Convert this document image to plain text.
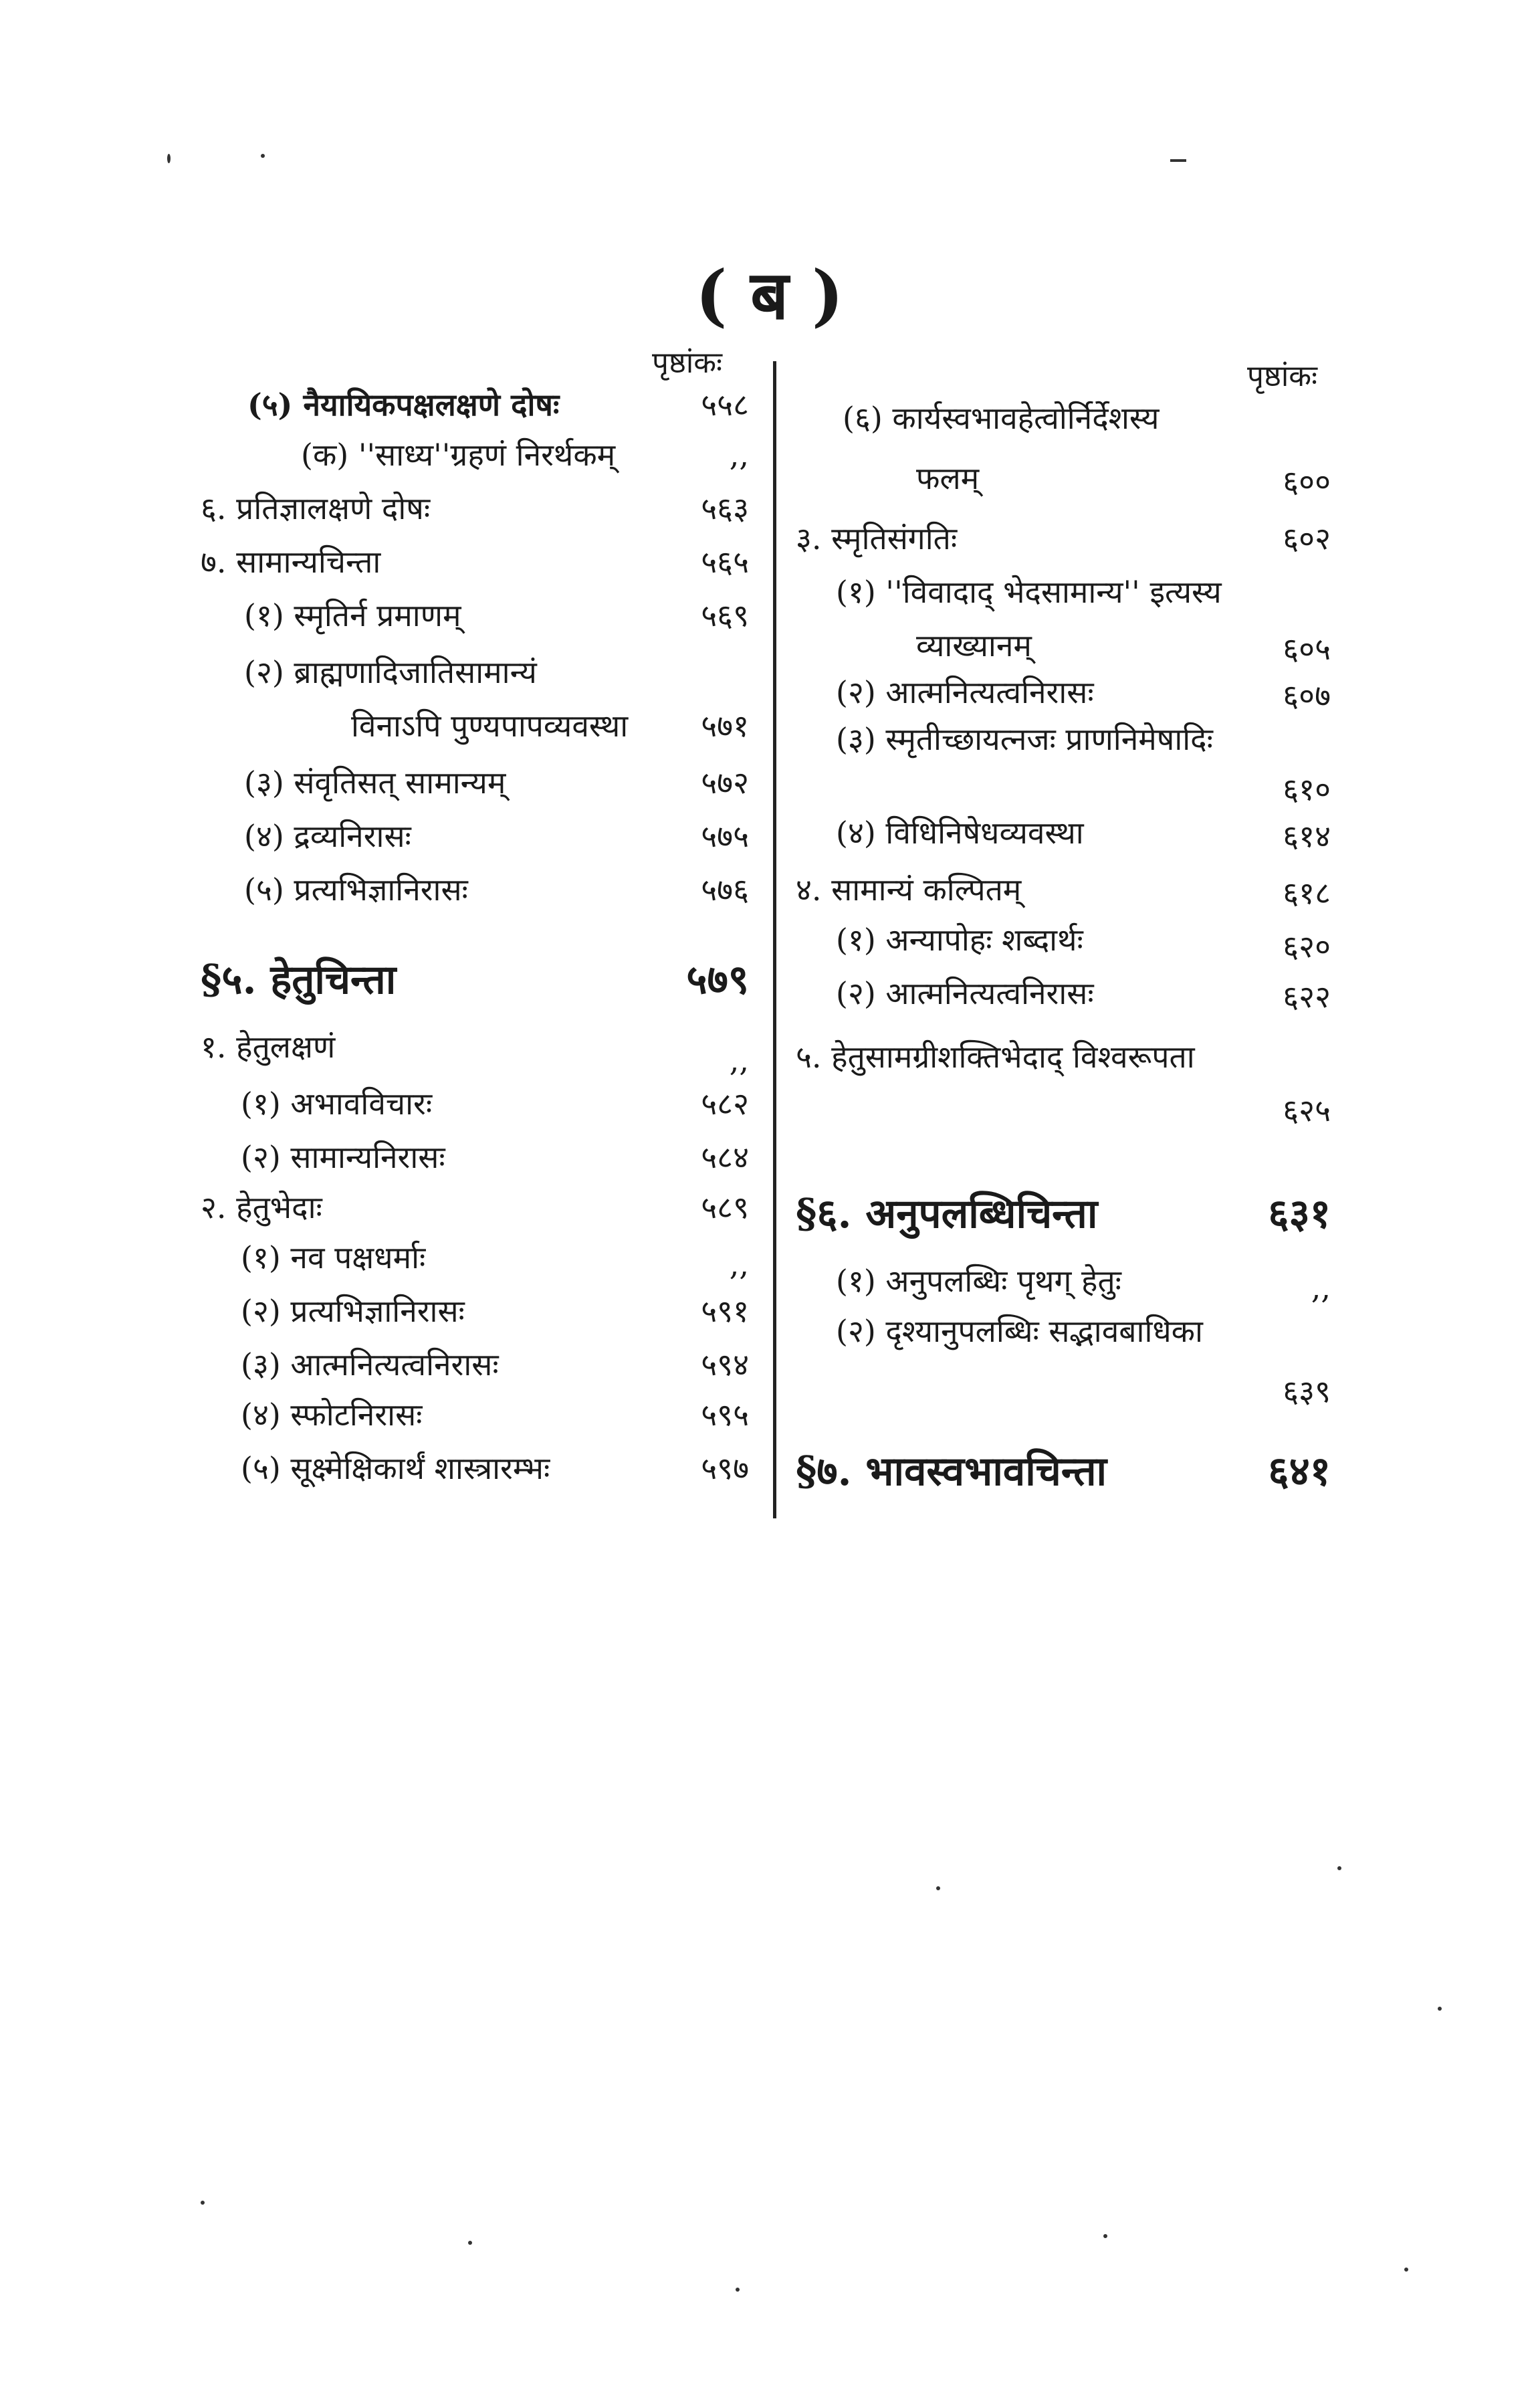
( ब )
पृष्ठांकः	पृष्ठांकः
(५) नैयायिकपक्षलक्षणे दोषः	५५८
(क) ''साध्य''ग्रहणं निरर्थकम्	,,
६. प्रतिज्ञालक्षणे दोषः	५६३
७. सामान्यचिन्ता	५६५
(१) स्मृतिर्न प्रमाणम्	५६९
(२) ब्राह्मणादिजातिसामान्यं
विनाऽपि पुण्यपापव्यवस्था	५७१
(३) संवृतिसत् सामान्यम्	५७२
(४) द्रव्यनिरासः	५७५
(५) प्रत्यभिज्ञानिरासः	५७६
§५. हेतुचिन्ता	५७९
१. हेतुलक्षणं	,,
(१) अभावविचारः	५८२
(२) सामान्यनिरासः	५८४
२. हेतुभेदाः	५८९
(१) नव पक्षधर्माः	,,
(२) प्रत्यभिज्ञानिरासः	५९१
(३) आत्मनित्यत्वनिरासः	५९४
(४) स्फोटनिरासः	५९५
(५) सूक्ष्मेक्षिकार्थं शास्त्रारम्भः	५९७
(६) कार्यस्वभावहेत्वोर्निर्देशस्य
फलम्	६००
३. स्मृतिसंगतिः	६०२
(१) ''विवादाद् भेदसामान्य'' इत्यस्य
व्याख्यानम्	६०५
(२) आत्मनित्यत्वनिरासः	६०७
(३) स्मृतीच्छायत्नजः प्राणनिमेषादिः
६१०
(४) विधिनिषेधव्यवस्था	६१४
४. सामान्यं कल्पितम्	६१८
(१) अन्यापोहः शब्दार्थः	६२०
(२) आत्मनित्यत्वनिरासः	६२२
५. हेतुसामग्रीशक्तिभेदाद् विश्वरूपता
६२५
§६. अनुपलब्धिचिन्ता	६३१
(१) अनुपलब्धिः पृथग् हेतुः	,,
(२) दृश्यानुपलब्धिः सद्भावबाधिका
६३९
§७. भावस्वभावचिन्ता	६४१
